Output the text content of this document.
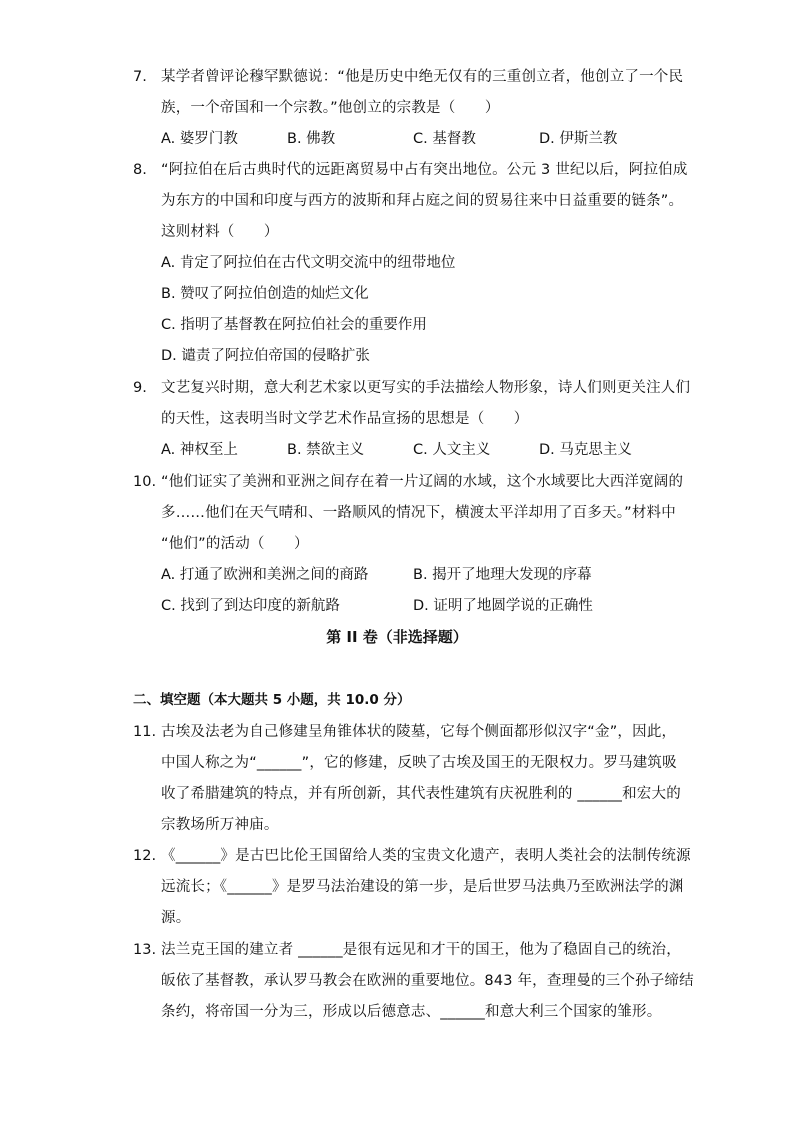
7. 某学者曾评论穆罕默德说：“他是历史中绝无仅有的三重创立者，他创立了一个民
族，一个帝国和一个宗教。”他创立的宗教是（　　）
A. 婆罗门教	B. 佛教	C. 基督教	D. 伊斯兰教
8. “阿拉伯在后古典时代的远距离贸易中占有突出地位。公元 3 世纪以后，阿拉伯成
为东方的中国和印度与西方的波斯和拜占庭之间的贸易往来中日益重要的链条”。
这则材料（　　）
A. 肯定了阿拉伯在古代文明交流中的纽带地位
B. 赞叹了阿拉伯创造的灿烂文化
C. 指明了基督教在阿拉伯社会的重要作用
D. 谴责了阿拉伯帝国的侵略扩张
9. 文艺复兴时期，意大利艺术家以更写实的手法描绘人物形象，诗人们则更关注人们
的天性，这表明当时文学艺术作品宣扬的思想是（　　）
A. 神权至上	B. 禁欲主义	C. 人文主义	D. 马克思主义
10. “他们证实了美洲和亚洲之间存在着一片辽阔的水域，这个水域要比大西洋宽阔的
多……他们在天气晴和、一路顺风的情况下，横渡太平洋却用了百多天。”材料中
“他们”的活动（　　）
A. 打通了欧洲和美洲之间的商路	B. 揭开了地理大发现的序幕
C. 找到了到达印度的新航路	D. 证明了地圆学说的正确性
第 II 卷（非选择题）
二、填空题（本大题共 5 小题，共 10.0 分）
11. 古埃及法老为自己修建呈角锥体状的陵墓，它每个侧面都形似汉字“金”，因此，
中国人称之为“______”，它的修建，反映了古埃及国王的无限权力。罗马建筑吸
收了希腊建筑的特点，并有所创新，其代表性建筑有庆祝胜利的 ______和宏大的
宗教场所万神庙。
12. 《______》是古巴比伦王国留给人类的宝贵文化遗产，表明人类社会的法制传统源
远流长；《______》是罗马法治建设的第一步，是后世罗马法典乃至欧洲法学的渊
源。
13. 法兰克王国的建立者 ______是很有远见和才干的国王，他为了稳固自己的统治，
皈依了基督教，承认罗马教会在欧洲的重要地位。843 年，查理曼的三个孙子缔结
条约，将帝国一分为三，形成以后德意志、______和意大利三个国家的雏形。
